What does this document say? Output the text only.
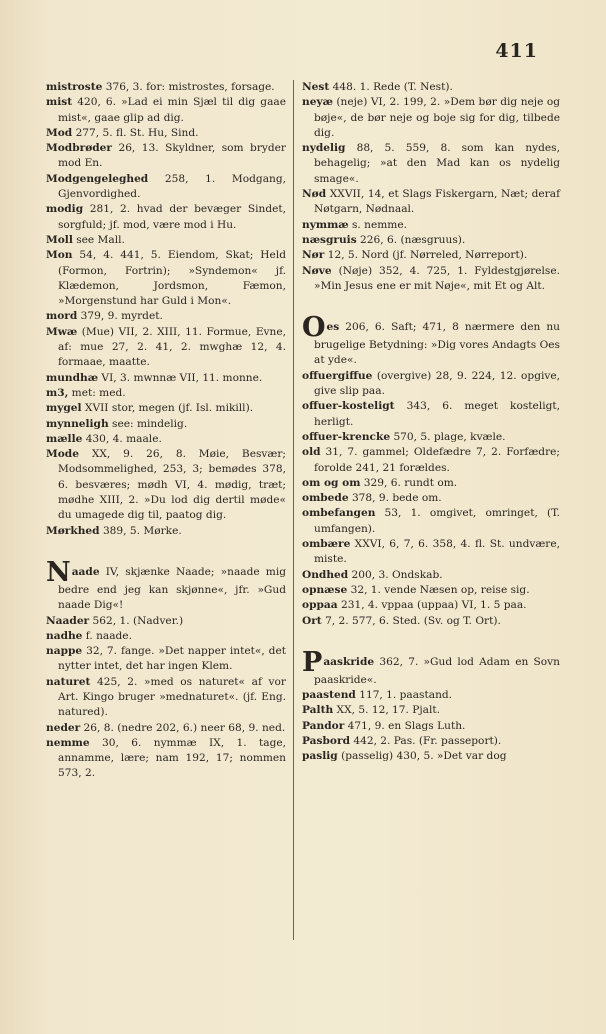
411

mistroste 376, 3. for: mistrostes, forsage.

mist 420, 6. »Lad ei min Sjæl til dig gaae mist«, gaae glip ad dig.

Mod 277, 5. fl. St. Hu, Sind.

Modbrøder 26, 13. Skyldner, som bryder mod En.

Modgengeleghed 258, 1. Modgang, Gjenvordighed.

modig 281, 2. hvad der bevæger Sindet, sorgfuld; jf. mod, være mod i Hu.

Moll see Mall.

Mon 54, 4. 441, 5. Eiendom, Skat; Held (Formon, Fortrin); »Syndemon« jf. Klædemon, Jordsmon, Fæmon, »Morgenstund har Guld i Mon«.

mord 379, 9. myrdet.

Mwæ (Mue) VII, 2. XIII, 11. Formue, Evne, af: mue 27, 2. 41, 2. mwghæ 12, 4. formaae, maatte.

mundhæ VI, 3. mwnnæ VII, 11. monne.

m3, met: med.

mygel XVII stor, megen (jf. Isl. mikill).

mynneligh see: mindelig.

mælle 430, 4. maale.

Mode XX, 9. 26, 8. Møie, Besvær; Modsommelighed, 253, 3; bemødes 378, 6. besværes; mødh VI, 4. mødig, træt; mødhe XIII, 2. »Du lod dig dertil møde« du umagede dig til, paatog dig.

Mørkhed 389, 5. Mørke.

Naade IV, skjænke Naade; »naade mig bedre end jeg kan skjønne«, jfr. »Gud naade Dig«!

Naader 562, 1. (Nadver.)

nadhe f. naade.

nappe 32, 7. fange. »Det napper intet«, det nytter intet, det har ingen Klem.

naturet 425, 2. »med os naturet« af vor Art. Kingo bruger »mednaturet«. (jf. Eng. natured).

neder 26, 8. (nedre 202, 6.) neer 68, 9. ned.

nemme 30, 6. nymmæ IX, 1. tage, annamme, lære; nam 192, 17; nommen 573, 2.

Nest 448. 1. Rede (T. Nest).

neyæ (neje) VI, 2. 199, 2. »Dem bør dig neje og bøje«, de bør neje og boje sig for dig, tilbede dig.

nydelig 88, 5. 559, 8. som kan nydes, behagelig; »at den Mad kan os nydelig smage«.

Nød XXVII, 14, et Slags Fiskergarn, Næt; deraf Nøtgarn, Nødnaal.

nymmæ s. nemme.

næsgruis 226, 6. (næsgruus).

Nør 12, 5. Nord (jf. Nørreled, Nørreport).

Nøve (Nøje) 352, 4. 725, 1. Fyldestgjørelse. »Min Jesus ene er mit Nøje«, mit Et og Alt.

Oes 206, 6. Saft; 471, 8 nærmere den nu brugelige Betydning: »Dig vores Andagts Oes at yde«.

offuergiffue (overgive) 28, 9. 224, 12. opgive, give slip paa.

offuer-kosteligt 343, 6. meget kosteligt, herligt.

offuer-krencke 570, 5. plage, kvæle.

old 31, 7. gammel; Oldefædre 7, 2. Forfædre; forolde 241, 21 forældes.

om og om 329, 6. rundt om.

ombede 378, 9. bede om.

ombefangen 53, 1. omgivet, omringet, (T. umfangen).

ombære XXVI, 6, 7, 6. 358, 4. fl. St. undvære, miste.

Ondhed 200, 3. Ondskab.

opnæse 32, 1. vende Næsen op, reise sig.

oppaa 231, 4. vppaa (uppaa) VI, 1. 5 paa.

Ort 7, 2. 577, 6. Sted. (Sv. og T. Ort).

Paaskride 362, 7. »Gud lod Adam en Sovn paaskride«.

paastend 117, 1. paastand.

Palth XX, 5. 12, 17. Pjalt.

Pandor 471, 9. en Slags Luth.

Pasbord 442, 2. Pas. (Fr. passeport).

paslig (passelig) 430, 5. »Det var dog
